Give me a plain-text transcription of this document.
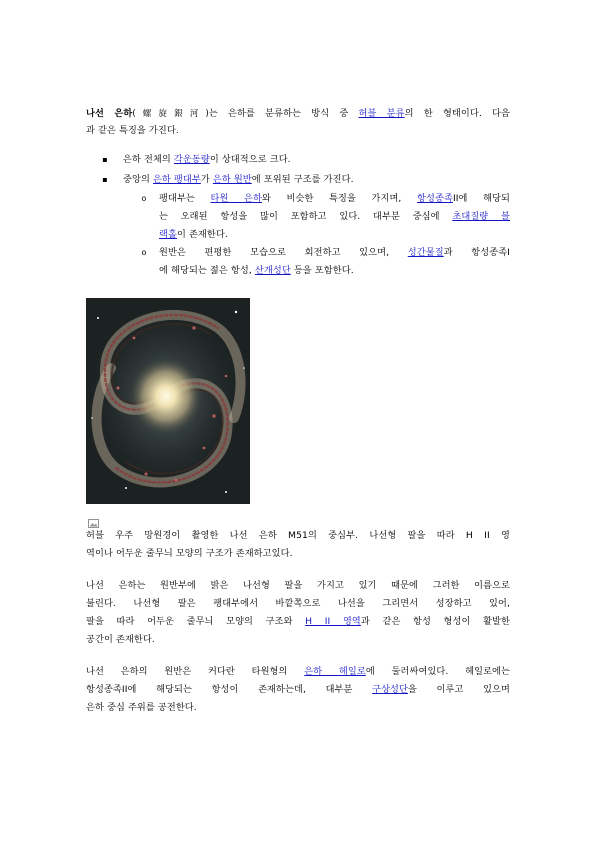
나선 은하(螺旋銀河)는 은하를 분류하는 방식 중 허블 분류의 한 형태이다. 다음
과 같은 특징을 가진다.
▪ 은하 전체의 각운동량이 상대적으로 크다.
▪ 중앙의 은하 팽대부가 은하 원반에 포위된 구조를 가진다.
o 팽대부는 타원 은하와 비슷한 특징을 가지며, 항성종족II에 해당되
는 오래된 항성을 많이 포함하고 있다. 대부분 중심에 초대질량 블
랙홀이 존재한다.
o 원반은 편평한 모습으로 회전하고 있으며, 성간물질과 항성종족I
에 해당되는 젊은 항성, 산개성단 등을 포함한다.
허블 우주 망원경이 촬영한 나선 은하 M51의 중심부. 나선형 팔을 따라 H II 영
역이나 어두운 줄무늬 모양의 구조가 존재하고있다.
나선 은하는 원반부에 밝은 나선형 팔을 가지고 있기 때문에 그러한 이름으로
불린다. 나선형 팔은 팽대부에서 바깥쪽으로 나선을 그리면서 성장하고 있어,
팔을 따라 어두운 줄무늬 모양의 구조와 H II 영역과 같은 항성 형성이 활발한
공간이 존재한다.
나선 은하의 원반은 커다란 타원형의 은하 헤일로에 둘러싸여있다. 헤일로에는
항성종족II에 해당되는 항성이 존재하는데, 대부분 구상성단을 이루고 있으며
은하 중심 주위를 공전한다.
